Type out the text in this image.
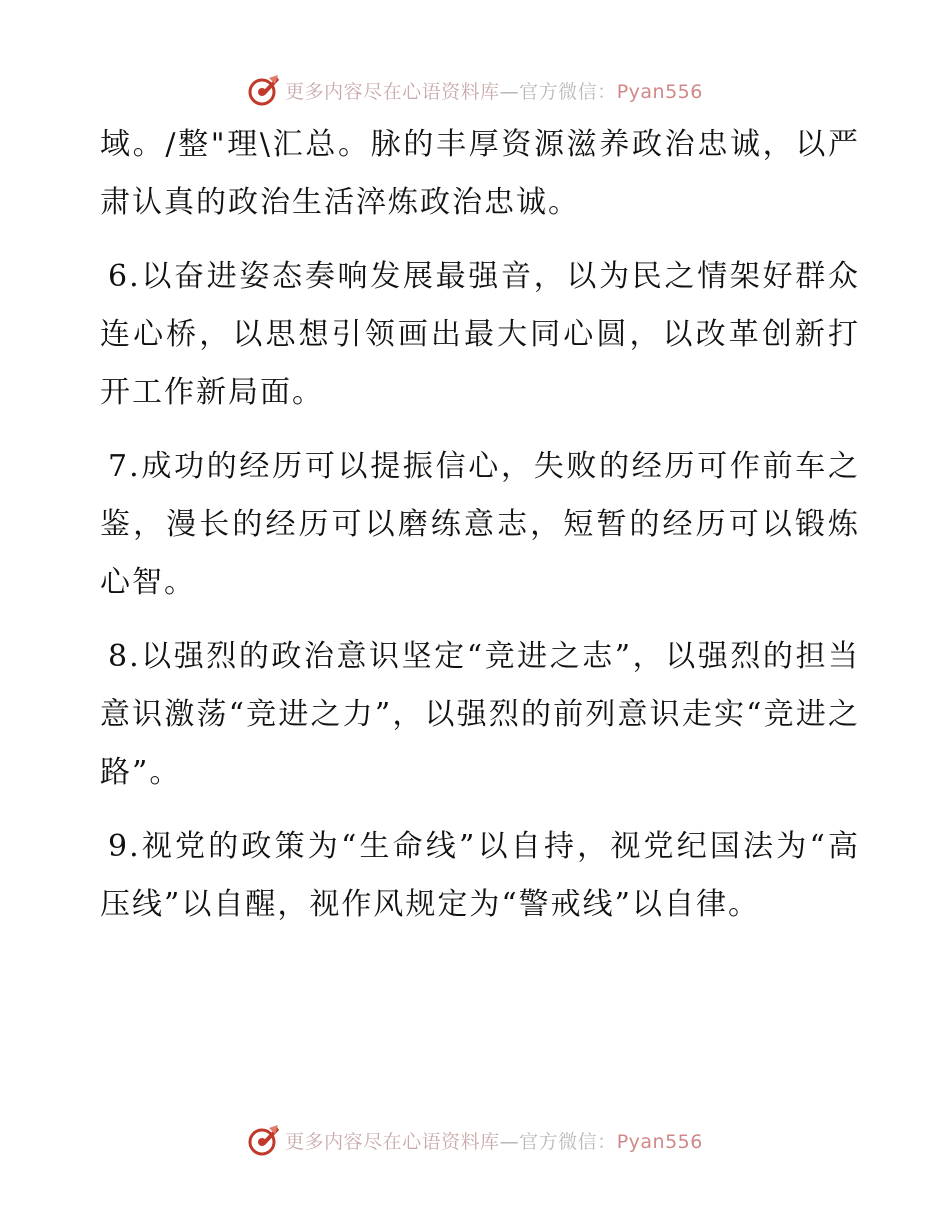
更多内容尽在心语资料库—官方微信：Pyan556

域。/整"理\汇总。脉的丰厚资源滋养政治忠诚，以严肃认真的政治生活淬炼政治忠诚。

6.以奋进姿态奏响发展最强音，以为民之情架好群众连心桥，以思想引领画出最大同心圆，以改革创新打开工作新局面。

7.成功的经历可以提振信心，失败的经历可作前车之鉴，漫长的经历可以磨练意志，短暂的经历可以锻炼心智。

8.以强烈的政治意识坚定“竞进之志”，以强烈的担当意识激荡“竞进之力”，以强烈的前列意识走实“竞进之路”。

9.视党的政策为“生命线”以自持，视党纪国法为“高压线”以自醒，视作风规定为“警戒线”以自律。

更多内容尽在心语资料库—官方微信：Pyan556
